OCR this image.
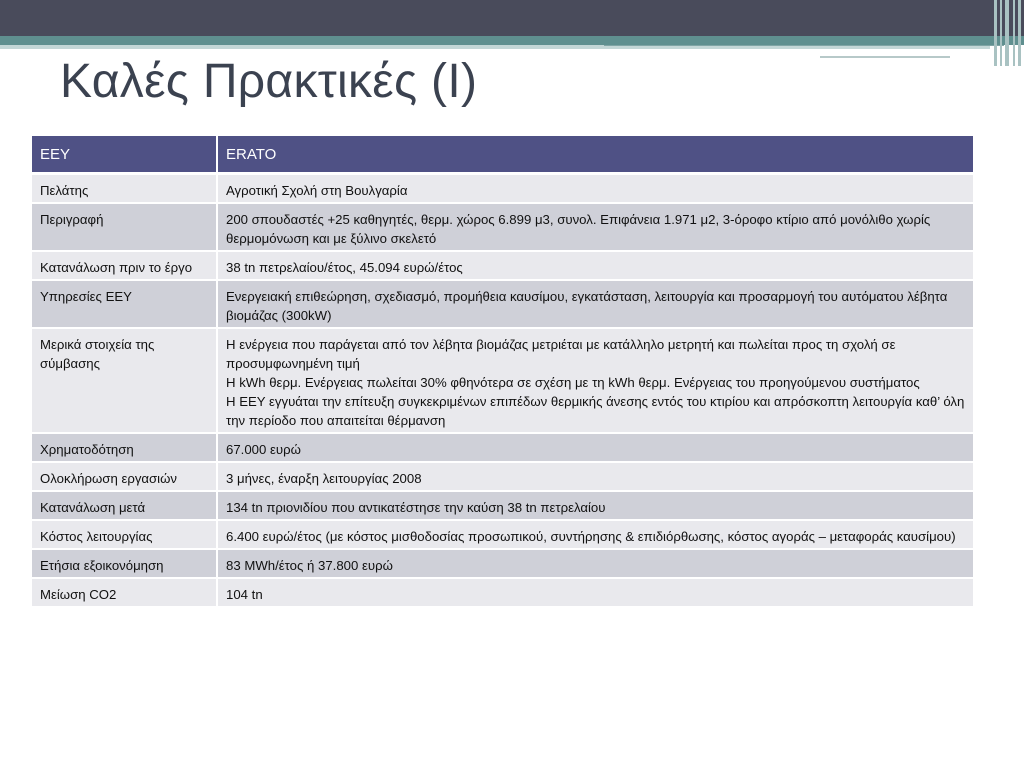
Καλές Πρακτικές (Ι)
ΕΕΥ	ERATO
Πελάτης	Αγροτική Σχολή στη Βουλγαρία

Περιγραφή	200 σπουδαστές +25 καθηγητές, θερμ. χώρος 6.899 μ3, συνολ. Επιφάνεια 1.971 μ2, 3-όροφο κτίριο από μονόλιθο χωρίς θερμομόνωση και με ξύλινο σκελετό

Κατανάλωση πριν το έργο	38 tn πετρελαίου/έτος, 45.094 ευρώ/έτος

Υπηρεσίες ΕΕΥ	Ενεργειακή επιθεώρηση, σχεδιασμό, προμήθεια καυσίμου, εγκατάσταση, λειτουργία και προσαρμογή του αυτόματου λέβητα βιομάζας (300kW)

Μερικά στοιχεία της σύμβασης	Η ενέργεια που παράγεται από τον λέβητα βιομάζας μετριέται με κατάλληλο μετρητή και πωλείται προς τη σχολή σε προσυμφωνημένη τιμή
Η kWh θερμ. Ενέργειας πωλείται 30% φθηνότερα σε σχέση με τη kWh θερμ. Ενέργειας του προηγούμενου συστήματος
Η ΕΕΥ εγγυάται την επίτευξη συγκεκριμένων επιπέδων θερμικής άνεσης εντός του κτιρίου και απρόσκοπτη λειτουργία καθ’ όλη την περίοδο που απαιτείται θέρμανση

Χρηματοδότηση	67.000 ευρώ

Ολοκλήρωση εργασιών	3 μήνες, έναρξη λειτουργίας 2008

Κατανάλωση μετά	134 tn πριονιδίου που αντικατέστησε την καύση 38 tn πετρελαίου

Κόστος λειτουργίας	6.400 ευρώ/έτος (με κόστος μισθοδοσίας προσωπικού, συντήρησης & επιδιόρθωσης, κόστος αγοράς – μεταφοράς καυσίμου)

Ετήσια εξοικονόμηση	83 MWh/έτος ή 37.800 ευρώ

Μείωση CO2	104 tn
